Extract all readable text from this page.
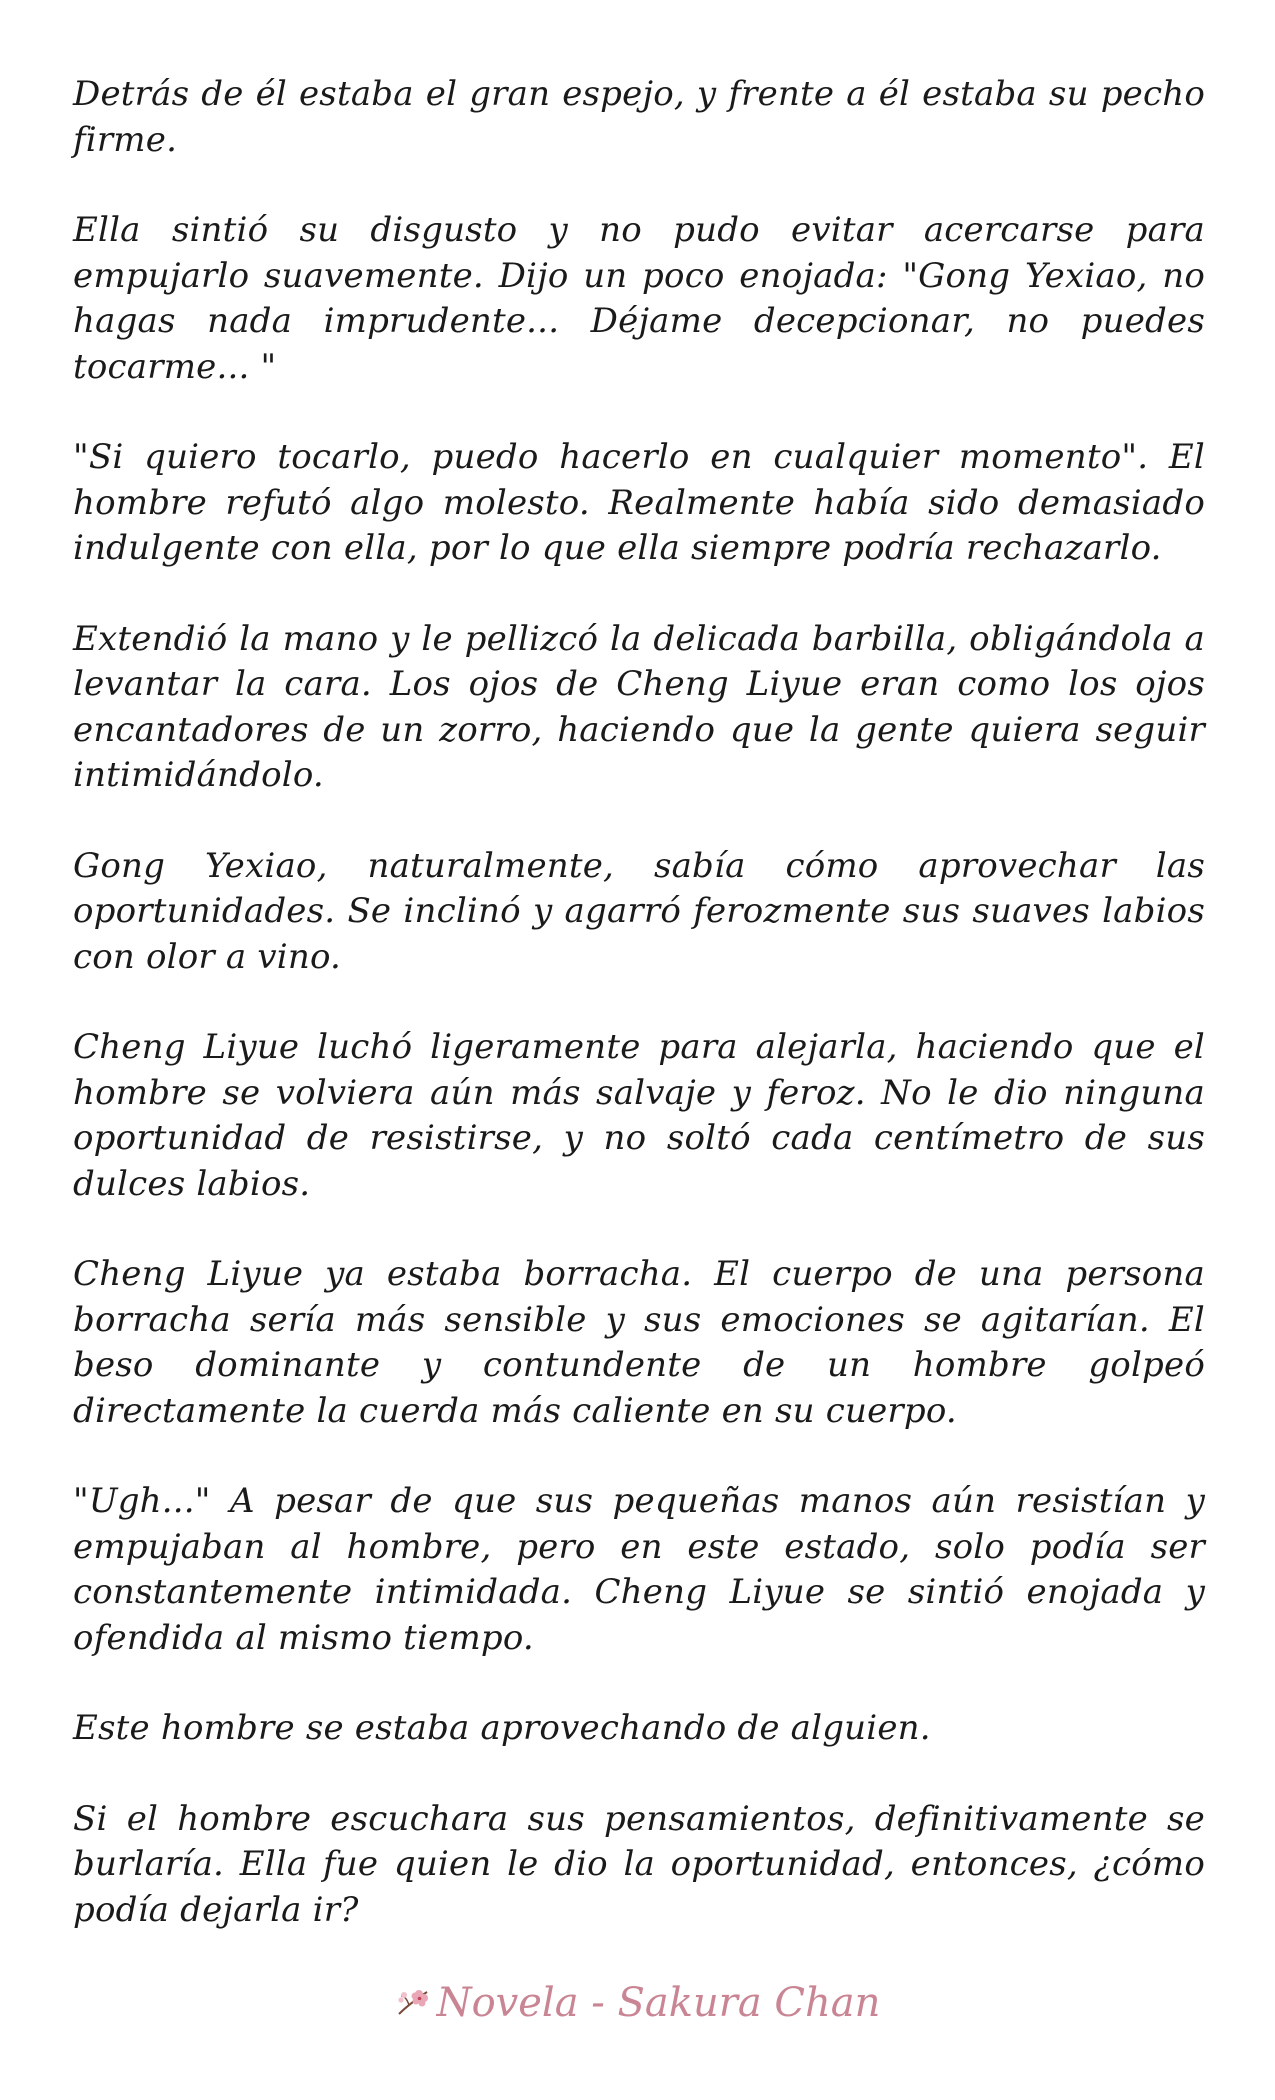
Detrás de él estaba el gran espejo, y frente a él estaba su pecho firme.

Ella sintió su disgusto y no pudo evitar acercarse para empujarlo suavemente. Dijo un poco enojada: "Gong Yexiao, no hagas nada imprudente... Déjame decepcionar, no puedes tocarme... "

"Si quiero tocarlo, puedo hacerlo en cualquier momento". El hombre refutó algo molesto. Realmente había sido demasiado indulgente con ella, por lo que ella siempre podría rechazarlo.

Extendió la mano y le pellizcó la delicada barbilla, obligándola a levantar la cara. Los ojos de Cheng Liyue eran como los ojos encantadores de un zorro, haciendo que la gente quiera seguir intimidándolo.

Gong Yexiao, naturalmente, sabía cómo aprovechar las oportunidades. Se inclinó y agarró ferozmente sus suaves labios con olor a vino.

Cheng Liyue luchó ligeramente para alejarla, haciendo que el hombre se volviera aún más salvaje y feroz. No le dio ninguna oportunidad de resistirse, y no soltó cada centímetro de sus dulces labios.

Cheng Liyue ya estaba borracha. El cuerpo de una persona borracha sería más sensible y sus emociones se agitarían. El beso dominante y contundente de un hombre golpeó directamente la cuerda más caliente en su cuerpo.

"Ugh..." A pesar de que sus pequeñas manos aún resistían y empujaban al hombre, pero en este estado, solo podía ser constantemente intimidada. Cheng Liyue se sintió enojada y ofendida al mismo tiempo.

Este hombre se estaba aprovechando de alguien.

Si el hombre escuchara sus pensamientos, definitivamente se burlaría. Ella fue quien le dio la oportunidad, entonces, ¿cómo podía dejarla ir?

Novela - Sakura Chan
